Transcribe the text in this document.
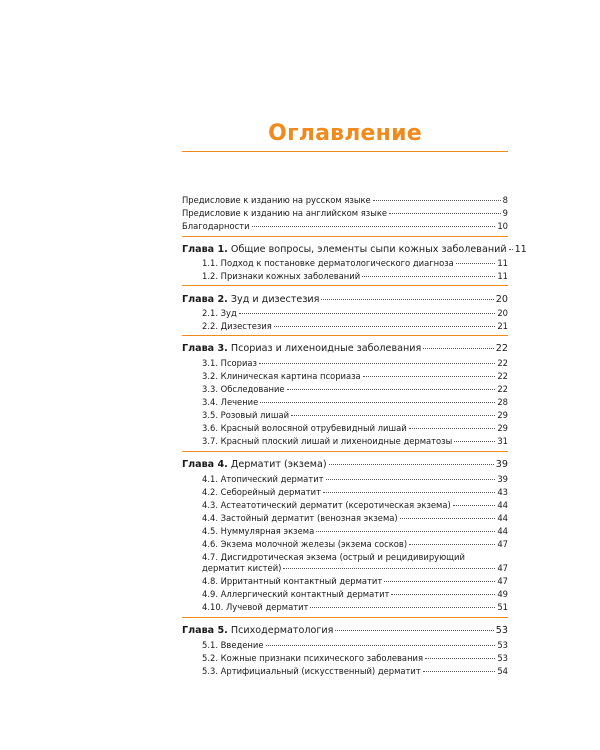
Оглавление
Предисловие к изданию на русском языке	8
Предисловие к изданию на английском языке	9
Благодарности	10
Глава 1. Общие вопросы, элементы сыпи кожных заболеваний 11
1.1. Подход к постановке дерматологического диагноза	11
1.2. Признаки кожных заболеваний	11
Глава 2. Зуд и дизестезия	20
2.1. Зуд	20
2.2. Дизестезия	21
Глава 3. Псориаз и лихеноидные заболевания	22
3.1. Псориаз	22
3.2. Клиническая картина псориаза	22
3.3. Обследование	22
3.4. Лечение	28
3.5. Розовый лишай	29
3.6. Красный волосяной отрубевидный лишай	29
3.7. Красный плоский лишай и лихеноидные дерматозы	31
Глава 4. Дерматит (экзема)	39
4.1. Атопический дерматит	39
4.2. Себорейный дерматит	43
4.3. Астеатотический дерматит (ксеротическая экзема)	44
4.4. Застойный дерматит (венозная экзема)	44
4.5. Нуммулярная экзема	44
4.6. Экзема молочной железы (экзема сосков)	47
4.7. Дисгидротическая экзема (острый и рецидивирующий
дерматит кистей)	47
4.8. Ирритантный контактный дерматит	47
4.9. Аллергический контактный дерматит	49
4.10. Лучевой дерматит	51
Глава 5. Психодерматология	53
5.1. Введение	53
5.2. Кожные признаки психического заболевания	53
5.3. Артифициальный (искусственный) дерматит	54
